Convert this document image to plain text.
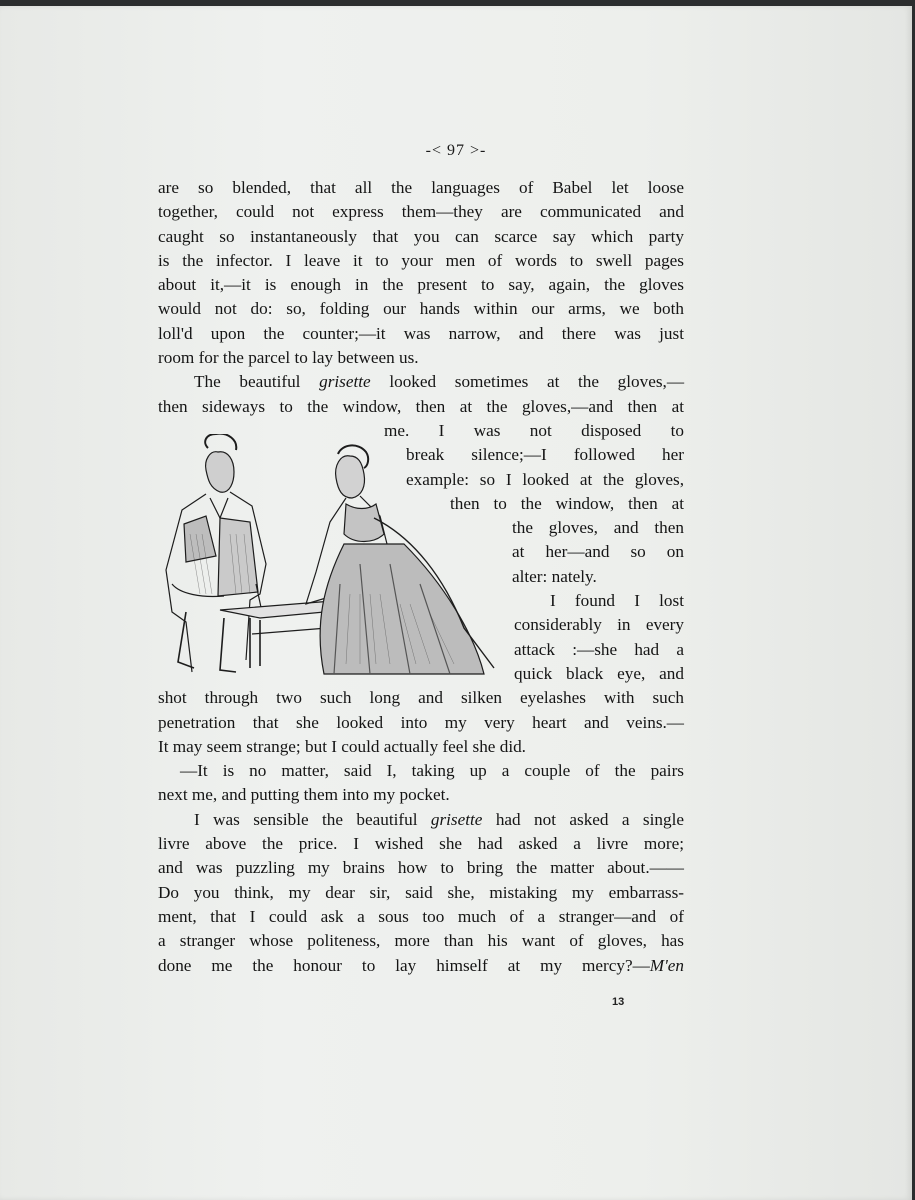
-< 97 >-
are so blended, that all the languages of Babel let loose
together, could not express them—they are communicated and
caught so instantaneously that you can scarce say which party
is the infector. I leave it to your men of words to swell pages
about it,—it is enough in the present to say, again, the gloves
would not do: so, folding our hands within our arms, we both
loll'd upon the counter;—it was narrow, and there was just
room for the parcel to lay between us.
The beautiful grisette looked sometimes at the gloves,—
then sideways to the window, then at the gloves,—and then at
me. I was not disposed to
break silence;—I followed her
example: so I looked at the gloves,
then to the window, then at
the gloves, and then
at her—and so on
alter: nately.
I found I lost
considerably in every
attack :—she had a
quick black eye, and
shot through two such long and silken eyelashes with such
penetration that she looked into my very heart and veins.—
It may seem strange; but I could actually feel she did.
—It is no matter, said I, taking up a couple of the pairs
next me, and putting them into my pocket.
I was sensible the beautiful grisette had not asked a single
livre above the price. I wished she had asked a livre more;
and was puzzling my brains how to bring the matter about.——
Do you think, my dear sir, said she, mistaking my embarrass-
ment, that I could ask a sous too much of a stranger—and of
a stranger whose politeness, more than his want of gloves, has
done me the honour to lay himself at my mercy?—M'en
13
